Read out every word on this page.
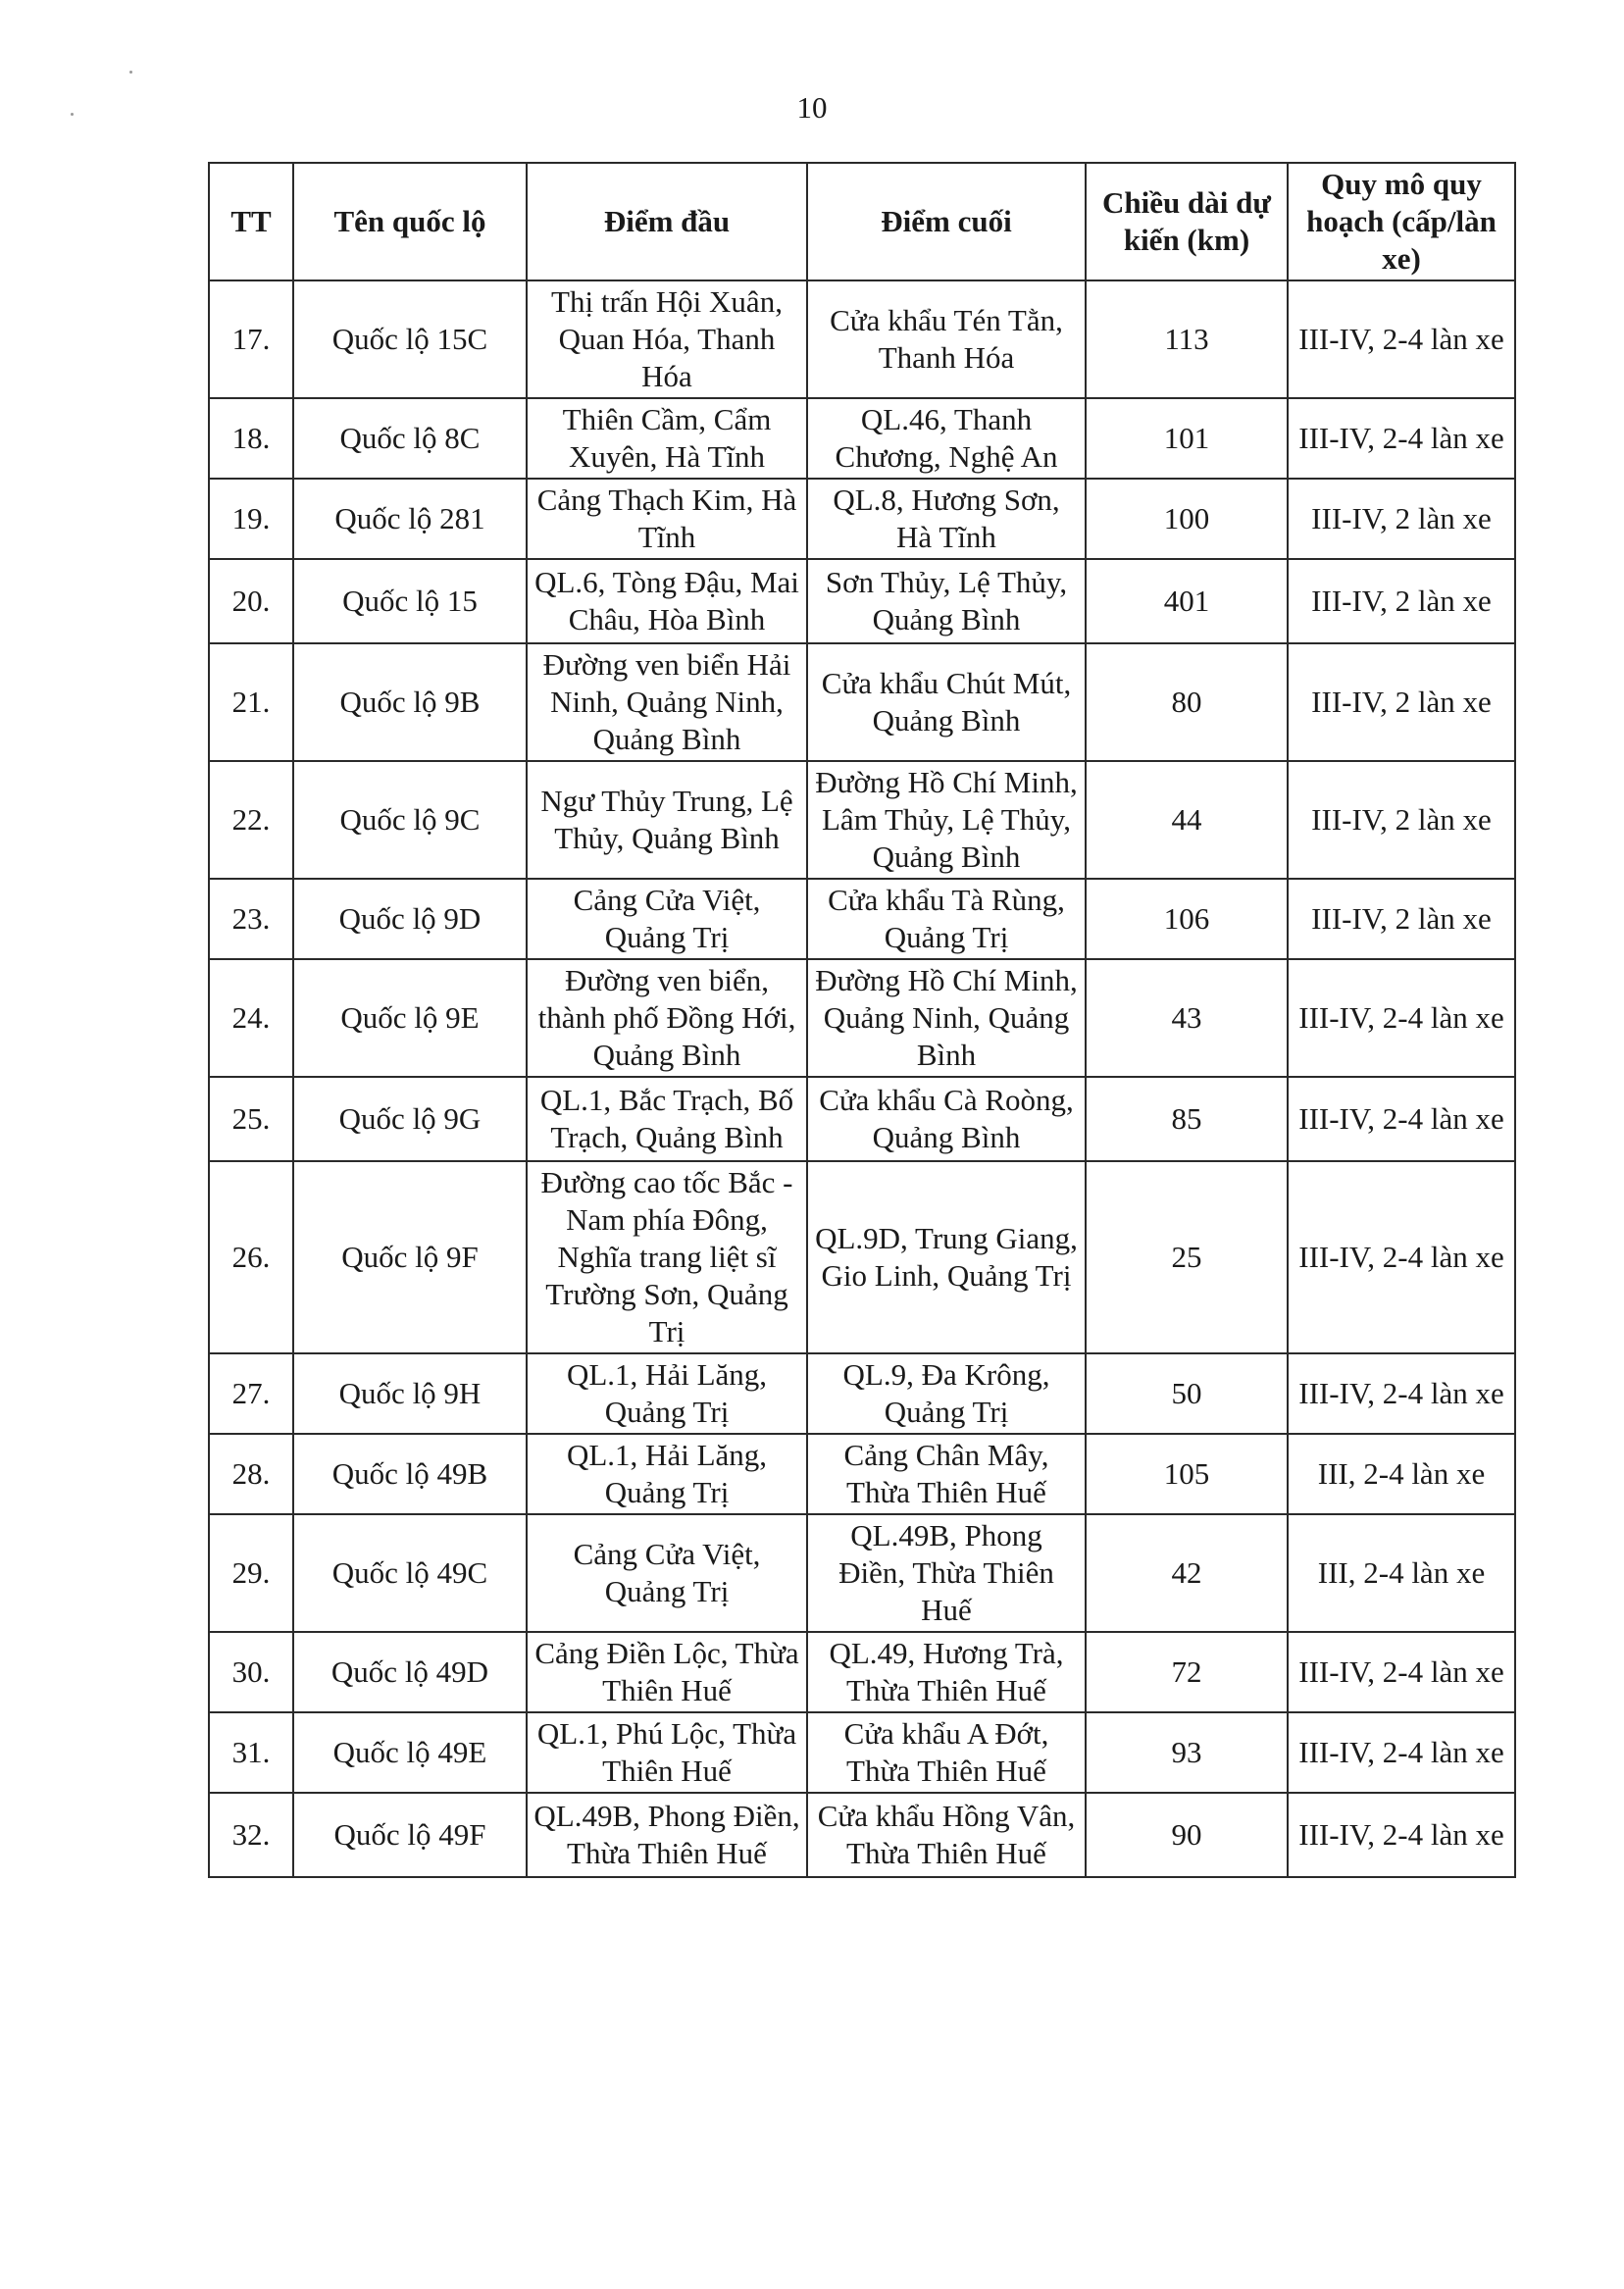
10
TT	Tên quốc lộ	Điểm đầu	Điểm cuối	Chiều dài dự kiến (km)	Quy mô quy hoạch (cấp/làn xe)
17.	Quốc lộ 15C	Thị trấn Hội Xuân, Quan Hóa, Thanh Hóa	Cửa khẩu Tén Tằn, Thanh Hóa	113	III-IV, 2-4 làn xe
18.	Quốc lộ 8C	Thiên Cầm, Cẩm Xuyên, Hà Tĩnh	QL.46, Thanh Chương, Nghệ An	101	III-IV, 2-4 làn xe
19.	Quốc lộ 281	Cảng Thạch Kim, Hà Tĩnh	QL.8, Hương Sơn, Hà Tĩnh	100	III-IV, 2 làn xe
20.	Quốc lộ 15	QL.6, Tòng Đậu, Mai Châu, Hòa Bình	Sơn Thủy, Lệ Thủy, Quảng Bình	401	III-IV, 2 làn xe
21.	Quốc lộ 9B	Đường ven biển Hải Ninh, Quảng Ninh, Quảng Bình	Cửa khẩu Chút Mút, Quảng Bình	80	III-IV, 2 làn xe
22.	Quốc lộ 9C	Ngư Thủy Trung, Lệ Thủy, Quảng Bình	Đường Hồ Chí Minh, Lâm Thủy, Lệ Thủy, Quảng Bình	44	III-IV, 2 làn xe
23.	Quốc lộ 9D	Cảng Cửa Việt, Quảng Trị	Cửa khẩu Tà Rùng, Quảng Trị	106	III-IV, 2 làn xe
24.	Quốc lộ 9E	Đường ven biển, thành phố Đồng Hới, Quảng Bình	Đường Hồ Chí Minh, Quảng Ninh, Quảng Bình	43	III-IV, 2-4 làn xe
25.	Quốc lộ 9G	QL.1, Bắc Trạch, Bố Trạch, Quảng Bình	Cửa khẩu Cà Roòng, Quảng Bình	85	III-IV, 2-4 làn xe
26.	Quốc lộ 9F	Đường cao tốc Bắc - Nam phía Đông, Nghĩa trang liệt sĩ Trường Sơn, Quảng Trị	QL.9D, Trung Giang, Gio Linh, Quảng Trị	25	III-IV, 2-4 làn xe
27.	Quốc lộ 9H	QL.1, Hải Lăng, Quảng Trị	QL.9, Đa Krông, Quảng Trị	50	III-IV, 2-4 làn xe
28.	Quốc lộ 49B	QL.1, Hải Lăng, Quảng Trị	Cảng Chân Mây, Thừa Thiên Huế	105	III, 2-4 làn xe
29.	Quốc lộ 49C	Cảng Cửa Việt, Quảng Trị	QL.49B, Phong Điền, Thừa Thiên Huế	42	III, 2-4 làn xe
30.	Quốc lộ 49D	Cảng Điền Lộc, Thừa Thiên Huế	QL.49, Hương Trà, Thừa Thiên Huế	72	III-IV, 2-4 làn xe
31.	Quốc lộ 49E	QL.1, Phú Lộc, Thừa Thiên Huế	Cửa khẩu A Đớt, Thừa Thiên Huế	93	III-IV, 2-4 làn xe
32.	Quốc lộ 49F	QL.49B, Phong Điền, Thừa Thiên Huế	Cửa khẩu Hồng Vân, Thừa Thiên Huế	90	III-IV, 2-4 làn xe
